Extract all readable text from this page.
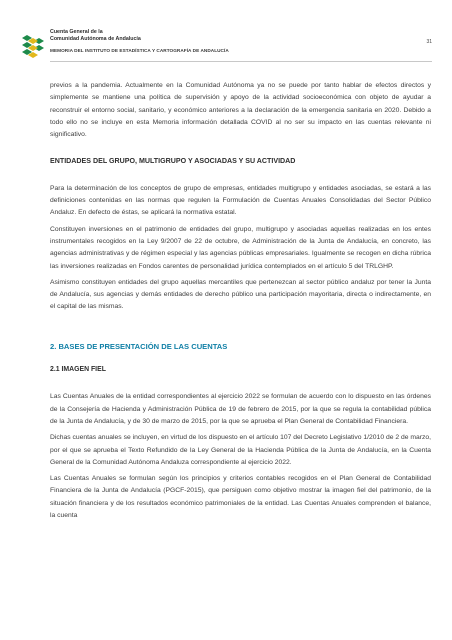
Cuenta General de la
Comunidad Autónoma de Andalucía
MEMORIA DEL INSTITUTO DE ESTADÍSTICA Y CARTOGRAFÍA DE ANDALUCÍA
31

previos a la pandemia. Actualmente en la Comunidad Autónoma ya no se puede por tanto hablar de efectos directos y simplemente se mantiene una política de supervisión y apoyo de la actividad socioeconómica con objeto de ayudar a reconstruir el entorno social, sanitario, y económico anteriores a la declaración de la emergencia sanitaria en 2020. Debido a todo ello no se incluye en esta Memoria información detallada COVID al no ser su impacto en las cuentas relevante ni significativo.

ENTIDADES DEL GRUPO, MULTIGRUPO Y ASOCIADAS Y SU ACTIVIDAD

Para la determinación de los conceptos de grupo de empresas, entidades multigrupo y entidades asociadas, se estará a las definiciones contenidas en las normas que regulen la Formulación de Cuentas Anuales Consolidadas del Sector Público Andaluz. En defecto de éstas, se aplicará la normativa estatal.

Constituyen inversiones en el patrimonio de entidades del grupo, multigrupo y asociadas aquellas realizadas en los entes instrumentales recogidos en la Ley 9/2007 de 22 de octubre, de Administración de la Junta de Andalucía, en concreto, las agencias administrativas y de régimen especial y las agencias públicas empresariales. Igualmente se recogen en dicha rúbrica las inversiones realizadas en Fondos carentes de personalidad jurídica contemplados en el artículo 5 del TRLGHP.

Asimismo constituyen entidades del grupo aquellas mercantiles que pertenezcan al sector público andaluz por tener la Junta de Andalucía, sus agencias y demás entidades de derecho público una participación mayoritaria, directa o indirectamente, en el capital de las mismas.

2. BASES DE PRESENTACIÓN DE LAS CUENTAS

2.1 IMAGEN FIEL

Las Cuentas Anuales de la entidad correspondientes al ejercicio 2022 se formulan de acuerdo con lo dispuesto en las órdenes de la Consejería de Hacienda y Administración Pública de 19 de febrero de 2015, por la que se regula la contabilidad pública de la Junta de Andalucía, y de 30 de marzo de 2015, por la que se aprueba el Plan General de Contabilidad Financiera.

Dichas cuentas anuales se incluyen, en virtud de los dispuesto en el artículo 107 del Decreto Legislativo 1/2010 de 2 de marzo, por el que se aprueba el Texto Refundido de la Ley General de la Hacienda Pública de la Junta de Andalucía, en la Cuenta General de la Comunidad Autónoma Andaluza correspondiente al ejercicio 2022.

Las Cuentas Anuales se formulan según los principios y criterios contables recogidos en el Plan General de Contabilidad Financiera de la Junta de Andalucía (PGCF-2015), que persiguen como objetivo mostrar la imagen fiel del patrimonio, de la situación financiera y de los resultados económico patrimoniales de la entidad. Las Cuentas Anuales comprenden el balance, la cuenta
